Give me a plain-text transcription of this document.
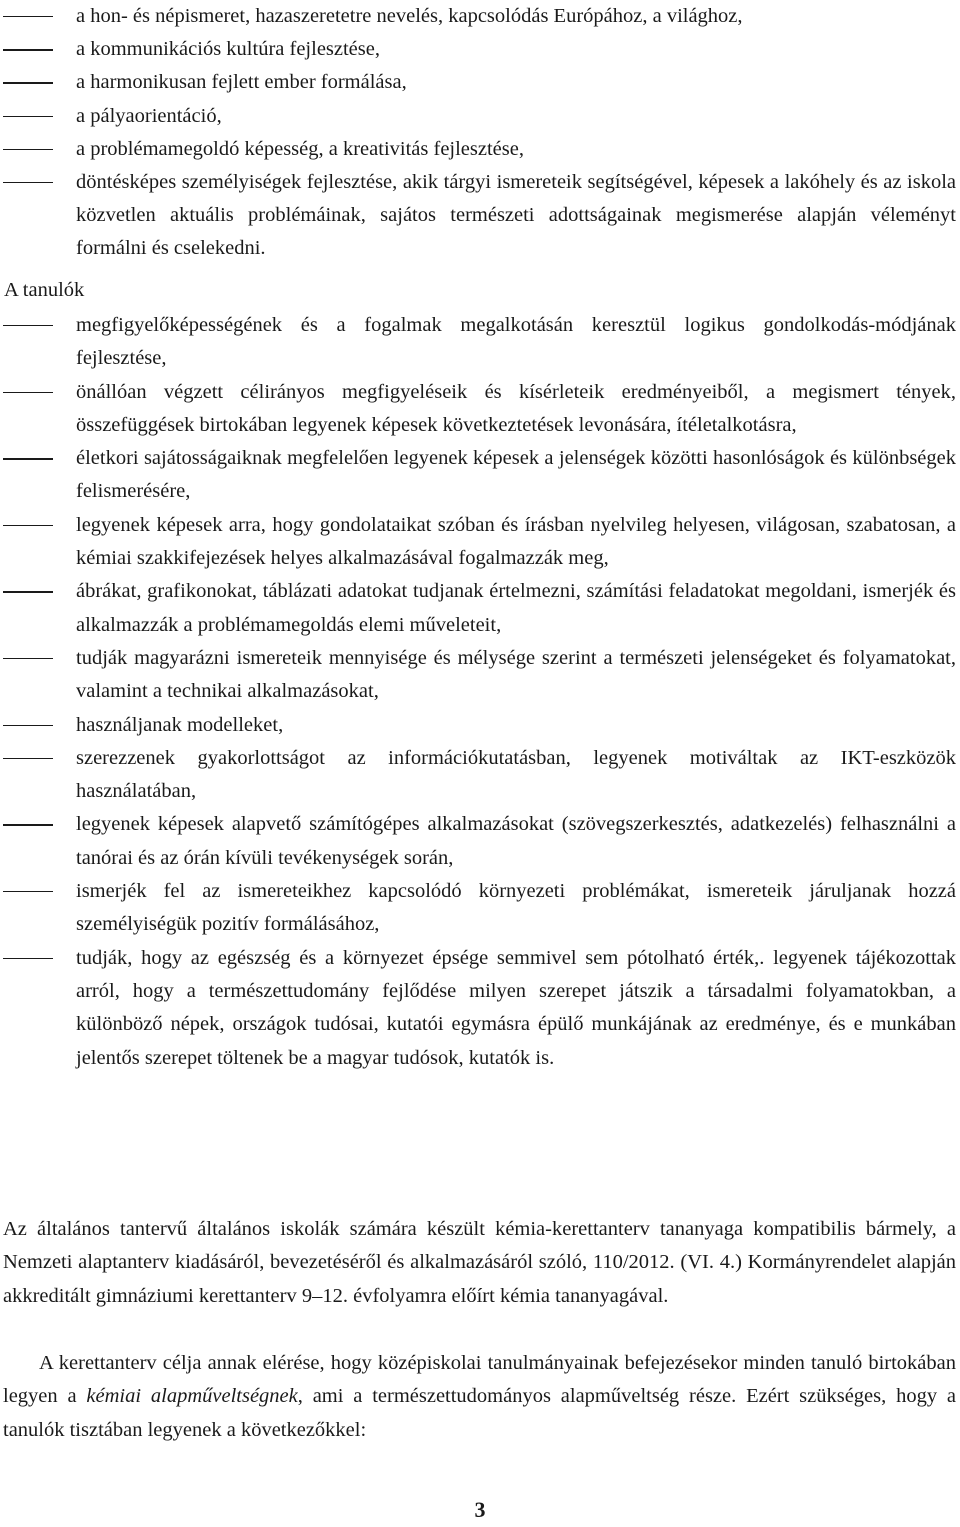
a hon- és népismeret, hazaszeretetre nevelés, kapcsolódás Európához, a világhoz,
a kommunikációs kultúra fejlesztése,
a harmonikusan fejlett ember formálása,
a pályaorientáció,
a problémamegoldó képesség, a kreativitás fejlesztése,
döntésképes személyiségek fejlesztése, akik tárgyi ismereteik segítségével, képesek a lakóhely és az iskola közvetlen aktuális problémáinak, sajátos természeti adottságainak megismerése alapján véleményt formálni és cselekedni.
A tanulók
megfigyelőképességének és a fogalmak megalkotásán keresztül logikus gondolkodás-módjának fejlesztése,
önállóan végzett célirányos megfigyeléseik és kísérleteik eredményeiből, a megismert tények, összefüggések birtokában legyenek képesek következtetések levonására, ítéletalkotásra,
életkori sajátosságaiknak megfelelően legyenek képesek a jelenségek közötti hasonlóságok és különbségek felismerésére,
legyenek képesek arra, hogy gondolataikat szóban és írásban nyelvileg helyesen, világosan, szabatosan, a kémiai szakkifejezések helyes alkalmazásával fogalmazzák meg,
ábrákat, grafikonokat, táblázati adatokat tudjanak értelmezni, számítási feladatokat megoldani, ismerjék és alkalmazzák a problémamegoldás elemi műveleteit,
tudják magyarázni ismereteik mennyisége és mélysége szerint a természeti jelenségeket és folyamatokat, valamint a technikai alkalmazásokat,
használjanak modelleket,
szerezzenek gyakorlottságot az információkutatásban, legyenek motiváltak az IKT-eszközök használatában,
legyenek képesek alapvető számítógépes alkalmazásokat (szövegszerkesztés, adatkezelés) felhasználni a tanórai és az órán kívüli tevékenységek során,
ismerjék fel az ismereteikhez kapcsolódó környezeti problémákat, ismereteik járuljanak hozzá személyiségük pozitív formálásához,
tudják, hogy az egészség és a környezet épsége semmivel sem pótolható érték,. legyenek tájékozottak arról, hogy a természettudomány fejlődése milyen szerepet játszik a társadalmi folyamatokban, a különböző népek, országok tudósai, kutatói egymásra épülő munkájának az eredménye, és e munkában jelentős szerepet töltenek be a magyar tudósok, kutatók is.

Az általános tantervű általános iskolák számára készült kémia-kerettanterv tananyaga kompatibilis bármely, a Nemzeti alaptanterv kiadásáról, bevezetéséről és alkalmazásáról szóló, 110/2012. (VI. 4.) Kormányrendelet alapján akkreditált gimnáziumi kerettanterv 9–12. évfolyamra előírt kémia tananyagával.

A kerettanterv célja annak elérése, hogy középiskolai tanulmányainak befejezésekor minden tanuló birtokában legyen a kémiai alapműveltségnek, ami a természettudományos alapműveltség része. Ezért szükséges, hogy a tanulók tisztában legyenek a következőkkel:

3
